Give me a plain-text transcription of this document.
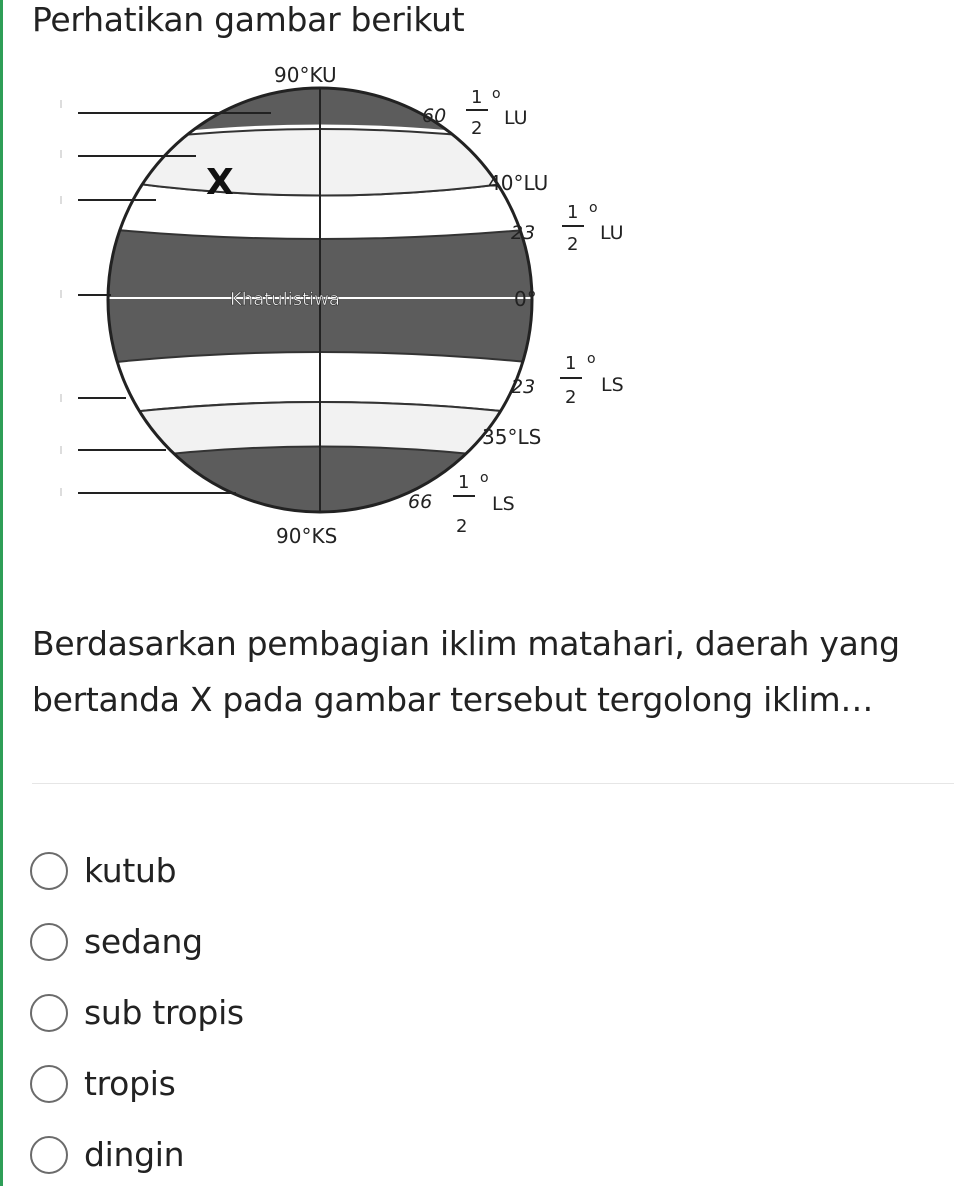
Perhatikan gambar berikut
90°KU
60
1
2
o
LU
40°LU
23
1
2
o
LU
Khatulistiwa	0°
23
1
2
o
LS
35°LS
66
1
2
o
LS
90°KS
X
Berdasarkan pembagian iklim matahari, daerah yang bertanda X pada gambar tersebut tergolong iklim…
kutub
sedang
sub tropis
tropis
dingin
